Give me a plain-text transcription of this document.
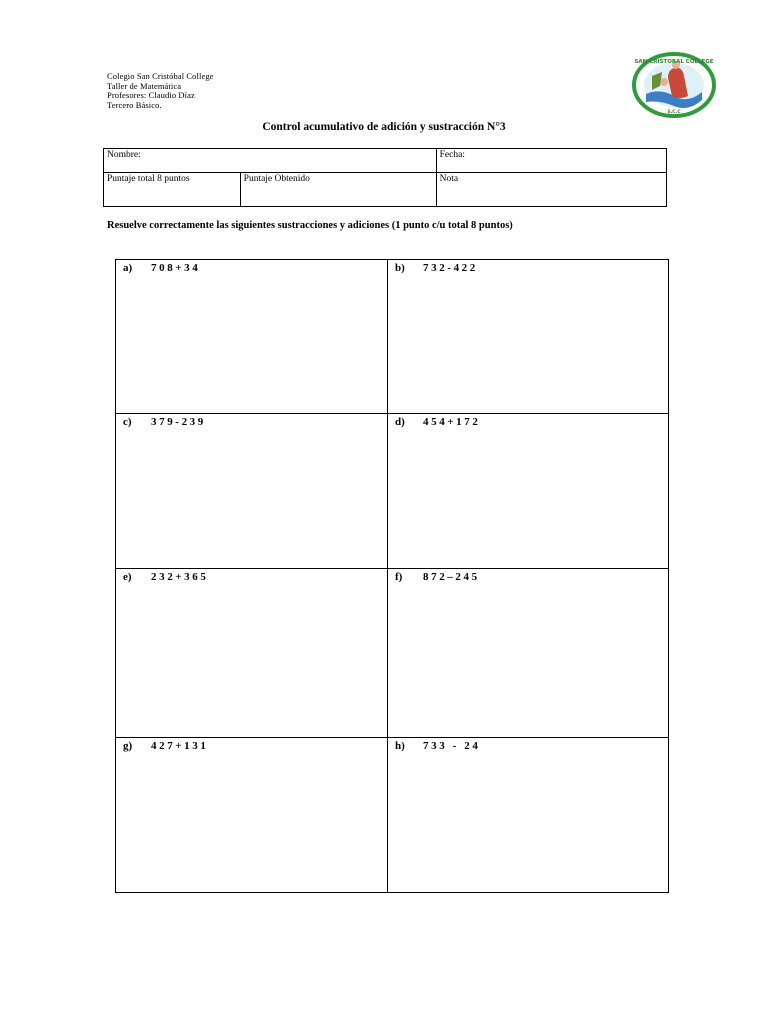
Colegio San Cristóbal College
Taller de Matemática
Profesores: Claudio Díaz
Tercero Básico.
SAN CRISTOBAL COLLEGE
S.C.C
Control acumulativo de adición y sustracción N°3
Nombre:		Fecha:
Puntaje total 8 puntos	Puntaje Obtenido	Nota
Resuelve correctamente las siguientes sustracciones y adiciones (1 punto c/u total 8 puntos)
a) 708+34	b) 732-422
c) 379-239	d) 454+172
e) 232+365	f) 872–245
g) 427+131	h) 733 - 24
